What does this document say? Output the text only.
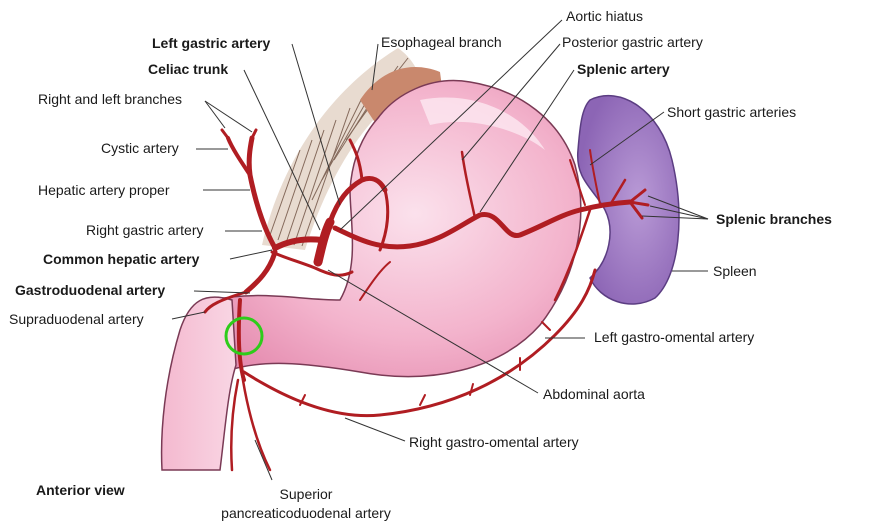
Left gastric artery
Celiac trunk
Right and left branches
Cystic artery
Hepatic artery proper
Right gastric artery
Common hepatic artery
Gastroduodenal artery
Supraduodenal artery
Anterior view
Esophageal branch
Aortic hiatus
Posterior gastric artery
Splenic artery
Short gastric arteries
Splenic branches
Spleen
Left gastro-omental artery
Abdominal aorta
Right gastro-omental artery
Superior
pancreaticoduodenal artery
